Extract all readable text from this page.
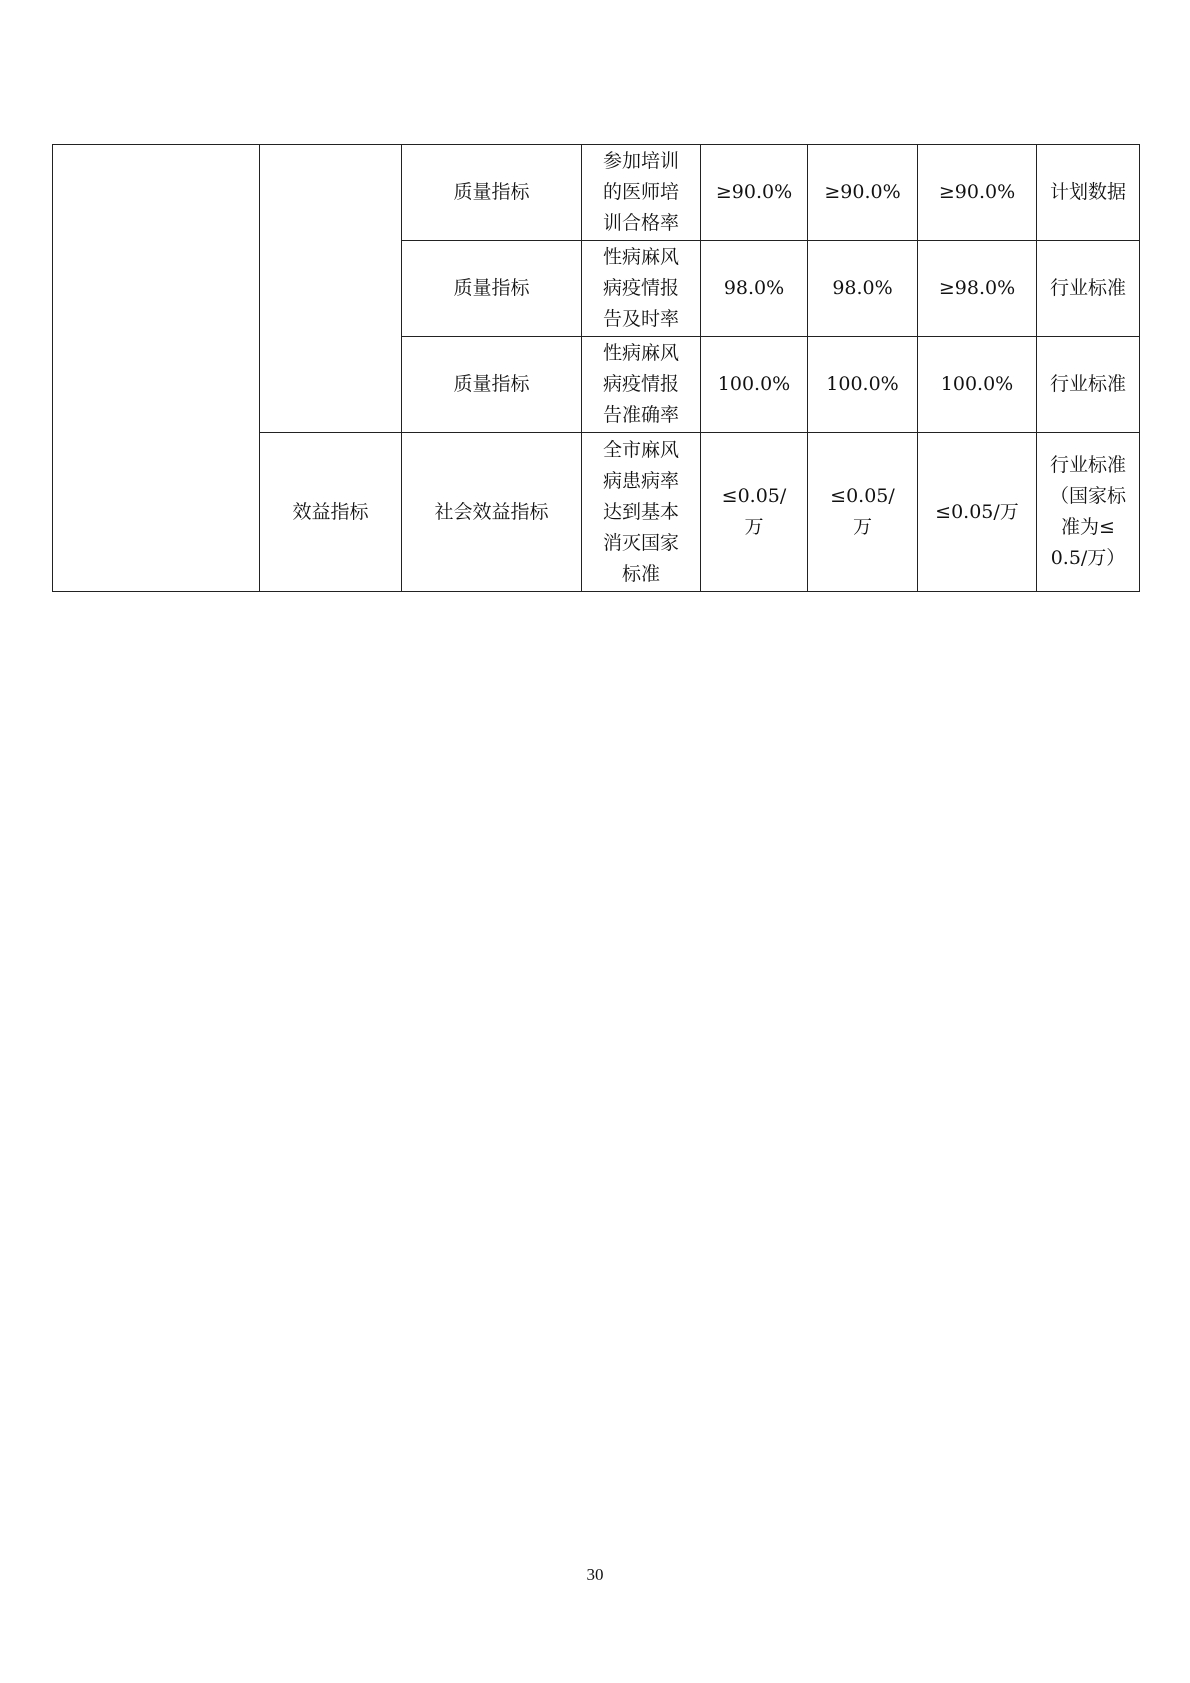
		质量指标	参加培训
的医师培
训合格率	≥90.0%	≥90.0%	≥90.0%	计划数据

		质量指标	性病麻风
病疫情报
告及时率	98.0%	98.0%	≥98.0%	行业标准

		质量指标	性病麻风
病疫情报
告准确率	100.0%	100.0%	100.0%	行业标准

	效益指标	社会效益指标	全市麻风
病患病率
达到基本
消灭国家
标准	≤0.05/
万	≤0.05/
万	≤0.05/万	行业标准
（国家标
准为≤
0.5/万）
30
